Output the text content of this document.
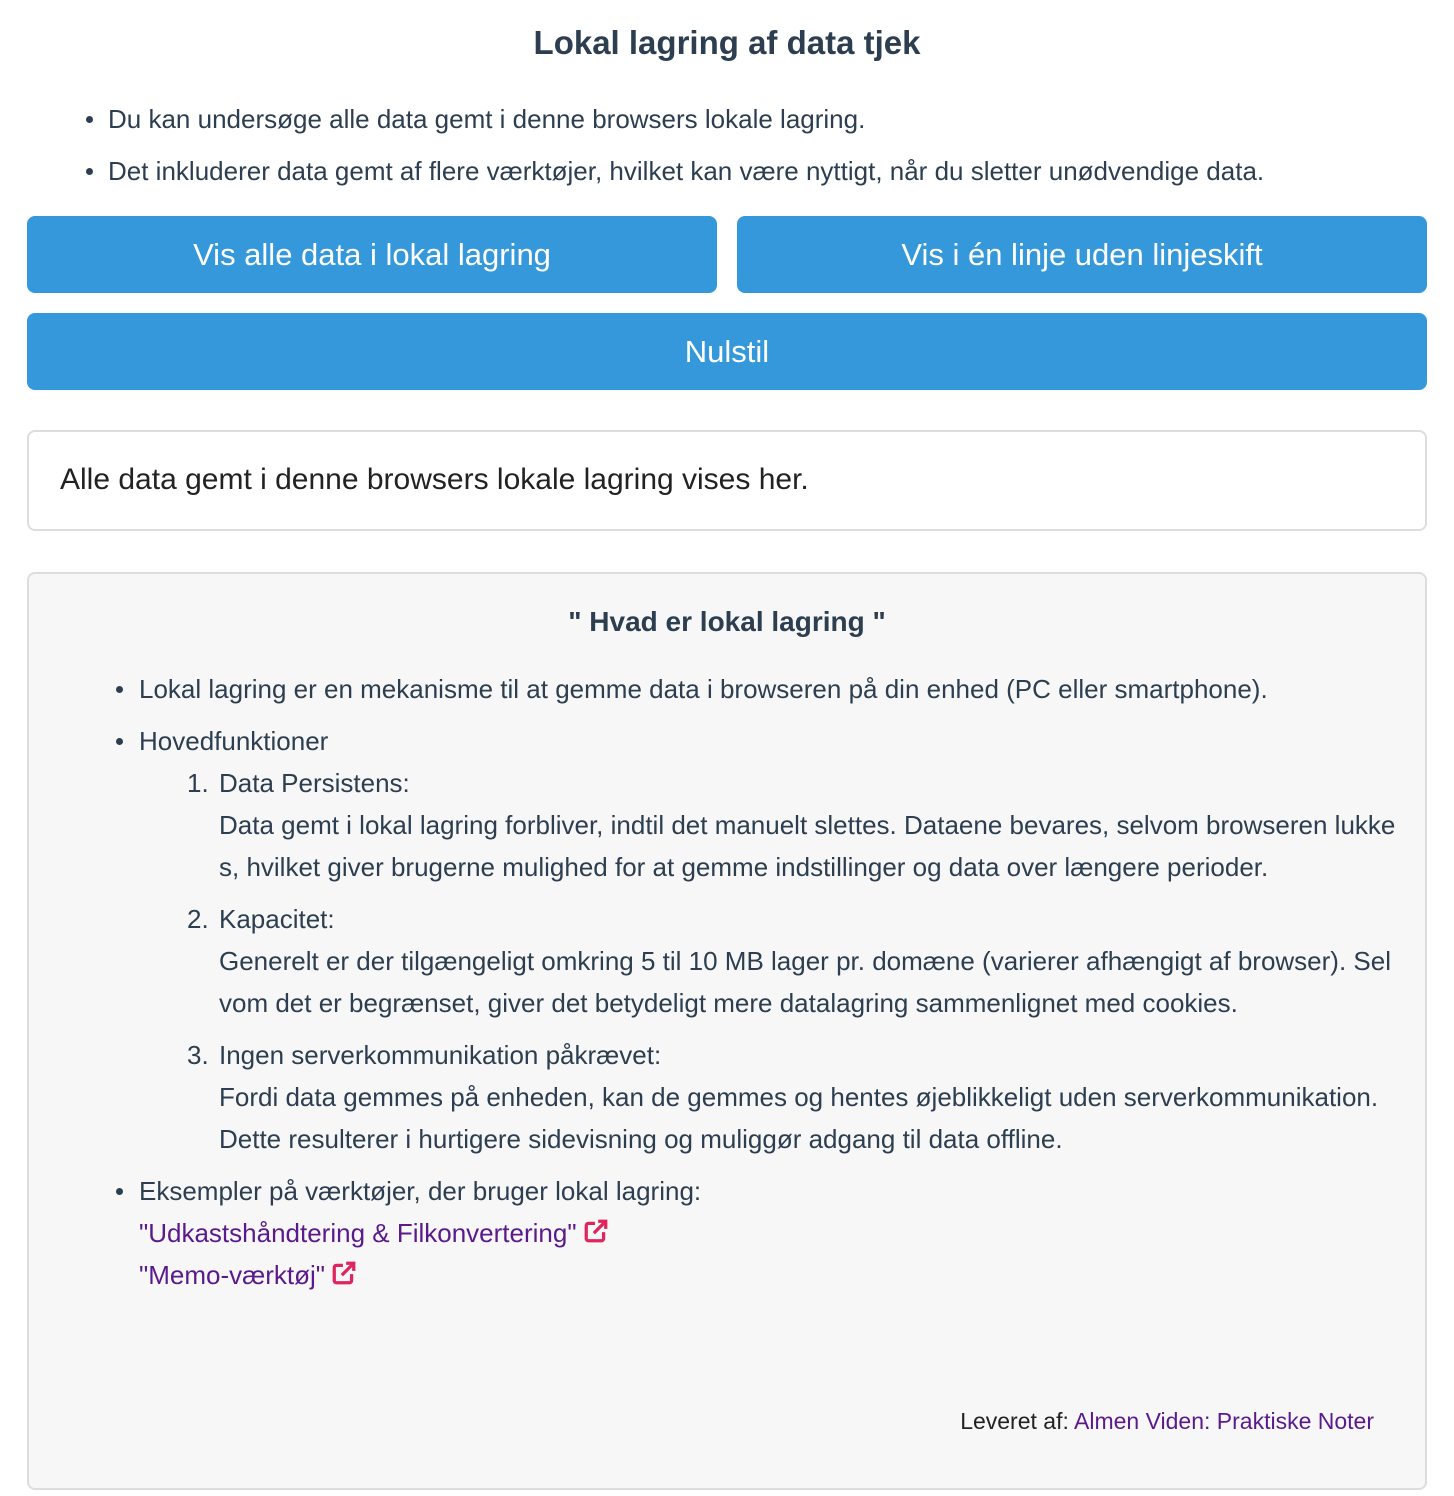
Lokal lagring af data tjek
Du kan undersøge alle data gemt i denne browsers lokale lagring.
Det inkluderer data gemt af flere værktøjer, hvilket kan være nyttigt, når du sletter unødvendige data.
Vis alle data i lokal lagring	Vis i én linje uden linjeskift
Nulstil
Alle data gemt i denne browsers lokale lagring vises her.
" Hvad er lokal lagring "
Lokal lagring er en mekanisme til at gemme data i browseren på din enhed (PC eller smartphone).
Hovedfunktioner
1. Data Persistens:
Data gemt i lokal lagring forbliver, indtil det manuelt slettes. Dataene bevares, selvom browseren lukkes, hvilket giver brugerne mulighed for at gemme indstillinger og data over længere perioder.
2. Kapacitet:
Generelt er der tilgængeligt omkring 5 til 10 MB lager pr. domæne (varierer afhængigt af browser). Selvom det er begrænset, giver det betydeligt mere datalagring sammenlignet med cookies.
3. Ingen serverkommunikation påkrævet:
Fordi data gemmes på enheden, kan de gemmes og hentes øjeblikkeligt uden serverkommunikation. Dette resulterer i hurtigere sidevisning og muliggør adgang til data offline.
Eksempler på værktøjer, der bruger lokal lagring:
"Udkastshåndtering & Filkonvertering"
"Memo-værktøj"
Leveret af: Almen Viden: Praktiske Noter
